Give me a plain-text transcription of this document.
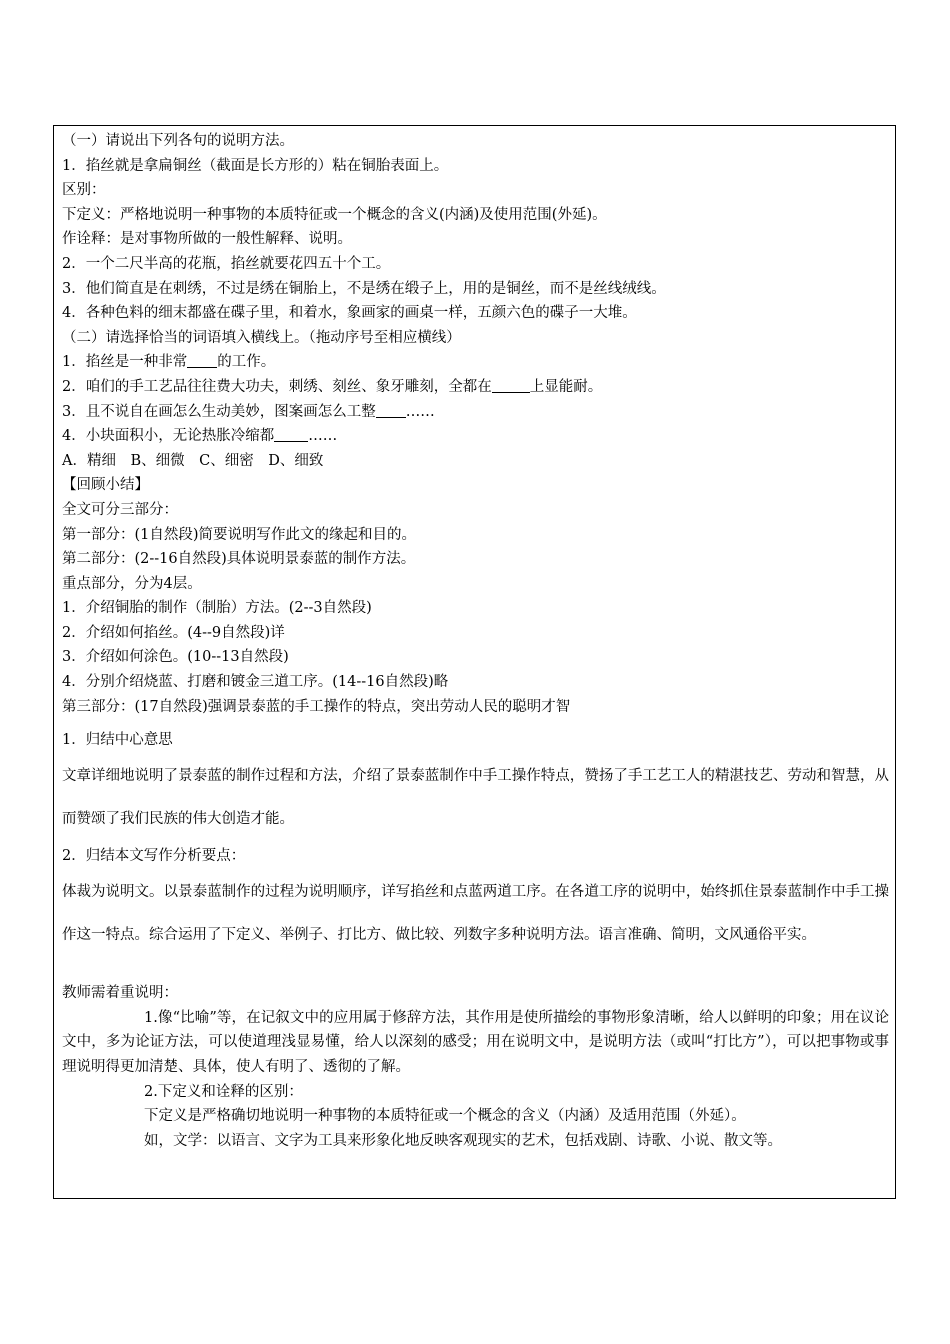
（一）请说出下列各句的说明方法。
1．掐丝就是拿扁铜丝（截面是长方形的）粘在铜胎表面上。
区别：
下定义：严格地说明一种事物的本质特征或一个概念的含义(内涵)及使用范围(外延)。
作诠释：是对事物所做的一般性解释、说明。
2．一个二尺半高的花瓶，掐丝就要花四五十个工。
3．他们简直是在刺绣，不过是绣在铜胎上，不是绣在缎子上，用的是铜丝，而不是丝线绒线。
4．各种色料的细末都盛在碟子里，和着水，象画家的画桌一样，五颜六色的碟子一大堆。
（二）请选择恰当的词语填入横线上。（拖动序号至相应横线）
1．掐丝是一种非常 的工作。
2．咱们的手工艺品往往费大功夫，刺绣、刻丝、象牙雕刻，全都在	上显能耐。
3．且不说自在画怎么生动美妙，图案画怎么工整 ……
4．小块面积小，无论热胀冷缩都 ……
A．精细　B、细微　C、细密　D、细致
【回顾小结】
全文可分三部分：
第一部分：(1自然段)简要说明写作此文的缘起和目的。
第二部分：(2--16自然段)具体说明景泰蓝的制作方法。
重点部分，分为4层。
1．介绍铜胎的制作（制胎）方法。(2--3自然段)
2．介绍如何掐丝。(4--9自然段)详
3．介绍如何涂色。(10--13自然段)
4．分别介绍烧蓝、打磨和镀金三道工序。(14--16自然段)略
第三部分：(17自然段)强调景泰蓝的手工操作的特点，突出劳动人民的聪明才智
1．归结中心意思
文章详细地说明了景泰蓝的制作过程和方法，介绍了景泰蓝制作中手工操作特点，赞扬了手工艺工人的精湛技艺、劳动和智慧，从而赞颂了我们民族的伟大创造才能。
2．归结本文写作分析要点：
体裁为说明文。以景泰蓝制作的过程为说明顺序，详写掐丝和点蓝两道工序。在各道工序的说明中，始终抓住景泰蓝制作中手工操作这一特点。综合运用了下定义、举例子、打比方、做比较、列数字多种说明方法。语言准确、简明，文风通俗平实。
教师需着重说明：
1.像“比喻”等，在记叙文中的应用属于修辞方法，其作用是使所描绘的事物形象清晰，给人以鲜明的印象；用在议论文中，多为论证方法，可以使道理浅显易懂，给人以深刻的感受；用在说明文中，是说明方法（或叫“打比方”），可以把事物或事理说明得更加清楚、具体，使人有明了、透彻的了解。
2.下定义和诠释的区别：
下定义是严格确切地说明一种事物的本质特征或一个概念的含义（内涵）及适用范围（外延）。
如，文学：以语言、文字为工具来形象化地反映客观现实的艺术，包括戏剧、诗歌、小说、散文等。
